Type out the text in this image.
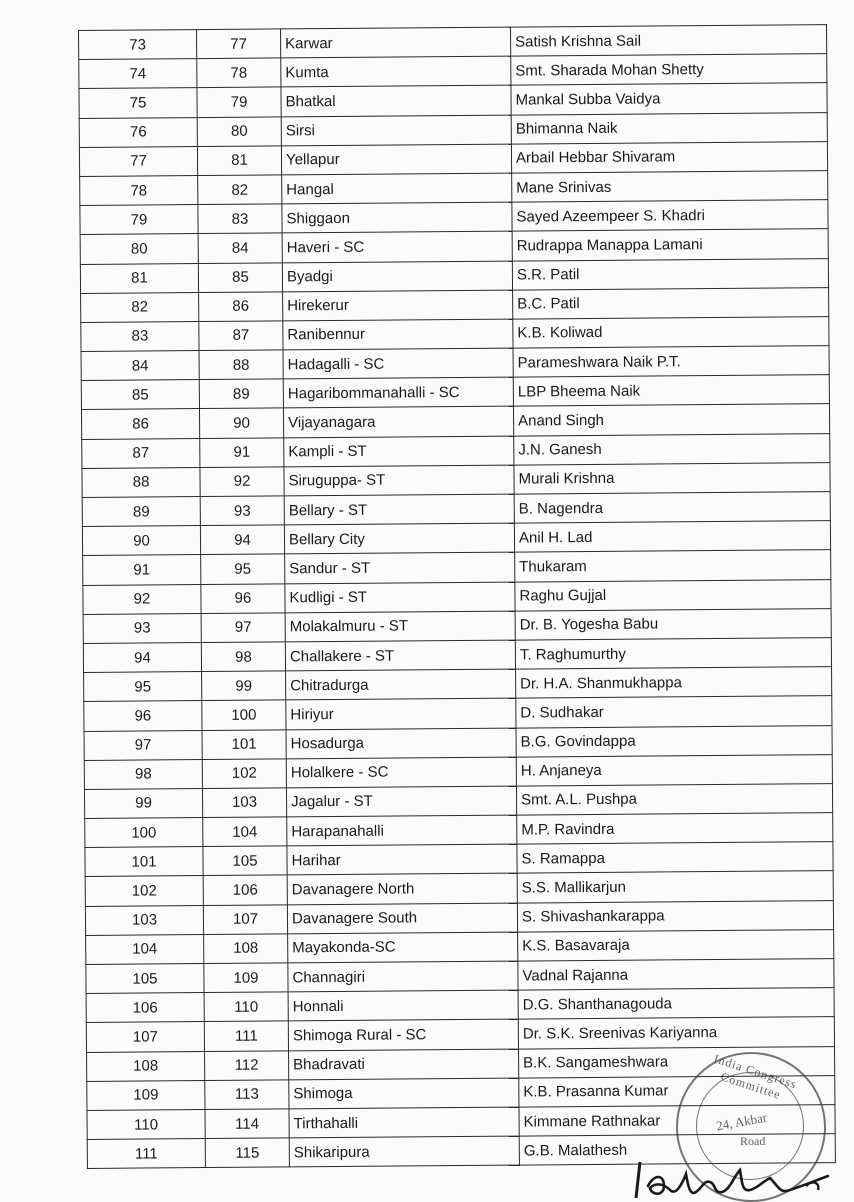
73	77	Karwar	Satish Krishna Sail
74	78	Kumta	Smt. Sharada Mohan Shetty
75	79	Bhatkal	Mankal Subba Vaidya
76	80	Sirsi	Bhimanna Naik
77	81	Yellapur	Arbail Hebbar Shivaram
78	82	Hangal	Mane Srinivas
79	83	Shiggaon	Sayed Azeempeer S. Khadri
80	84	Haveri - SC	Rudrappa Manappa Lamani
81	85	Byadgi	S.R. Patil
82	86	Hirekerur	B.C. Patil
83	87	Ranibennur	K.B. Koliwad
84	88	Hadagalli - SC	Parameshwara Naik P.T.
85	89	Hagaribommanahalli - SC	LBP Bheema Naik
86	90	Vijayanagara	Anand Singh
87	91	Kampli - ST	J.N. Ganesh
88	92	Siruguppa- ST	Murali Krishna
89	93	Bellary - ST	B. Nagendra
90	94	Bellary City	Anil H. Lad
91	95	Sandur - ST	Thukaram
92	96	Kudligi - ST	Raghu Gujjal
93	97	Molakalmuru - ST	Dr. B. Yogesha Babu
94	98	Challakere - ST	T. Raghumurthy
95	99	Chitradurga	Dr. H.A. Shanmukhappa
96	100	Hiriyur	D. Sudhakar
97	101	Hosadurga	B.G. Govindappa
98	102	Holalkere - SC	H. Anjaneya
99	103	Jagalur - ST	Smt. A.L. Pushpa
100	104	Harapanahalli	M.P. Ravindra
101	105	Harihar	S. Ramappa
102	106	Davanagere North	S.S. Mallikarjun
103	107	Davanagere South	S. Shivashankarappa
104	108	Mayakonda-SC	K.S. Basavaraja
105	109	Channagiri	Vadnal Rajanna
106	110	Honnali	D.G. Shanthanagouda
107	111	Shimoga Rural - SC	Dr. S.K. Sreenivas Kariyanna
108	112	Bhadravati	B.K. Sangameshwara
109	113	Shimoga	K.B. Prasanna Kumar
110	114	Tirthahalli	Kimmane Rathnakar
111	115	Shikaripura	G.B. Malathesh
India Congress Committee
24, Akbar
Road
